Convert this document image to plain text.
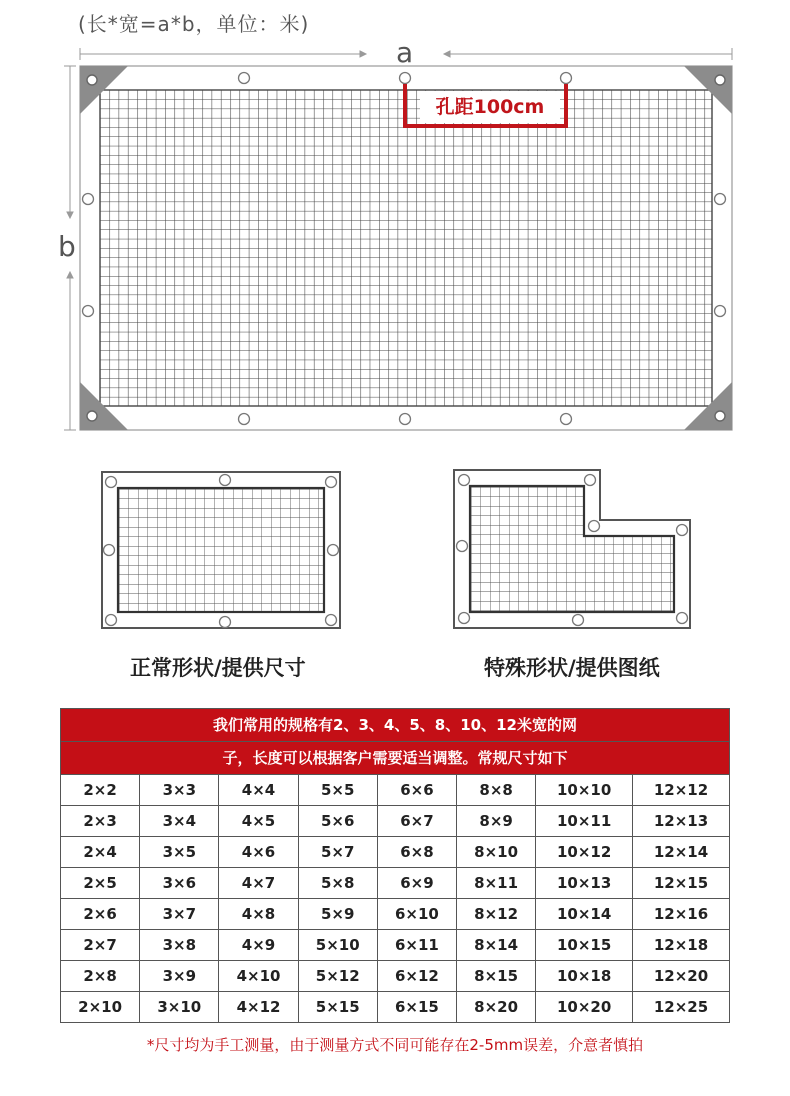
(长*宽=a*b，单位：米)
a
b
孔距100cm
正常形状/提供尺寸	特殊形状/提供图纸
我们常用的规格有2、3、4、5、8、10、12米宽的网							
子，长度可以根据客户需要适当调整。常规尺寸如下							
2×2	3×3	4×4	5×5	6×6	8×8	10×10	12×12
2×3	3×4	4×5	5×6	6×7	8×9	10×11	12×13
2×4	3×5	4×6	5×7	6×8	8×10	10×12	12×14
2×5	3×6	4×7	5×8	6×9	8×11	10×13	12×15
2×6	3×7	4×8	5×9	6×10	8×12	10×14	12×16
2×7	3×8	4×9	5×10	6×11	8×14	10×15	12×18
2×8	3×9	4×10	5×12	6×12	8×15	10×18	12×20
2×10	3×10	4×12	5×15	6×15	8×20	10×20	12×25
*尺寸均为手工测量，由于测量方式不同可能存在2-5mm误差，介意者慎拍
